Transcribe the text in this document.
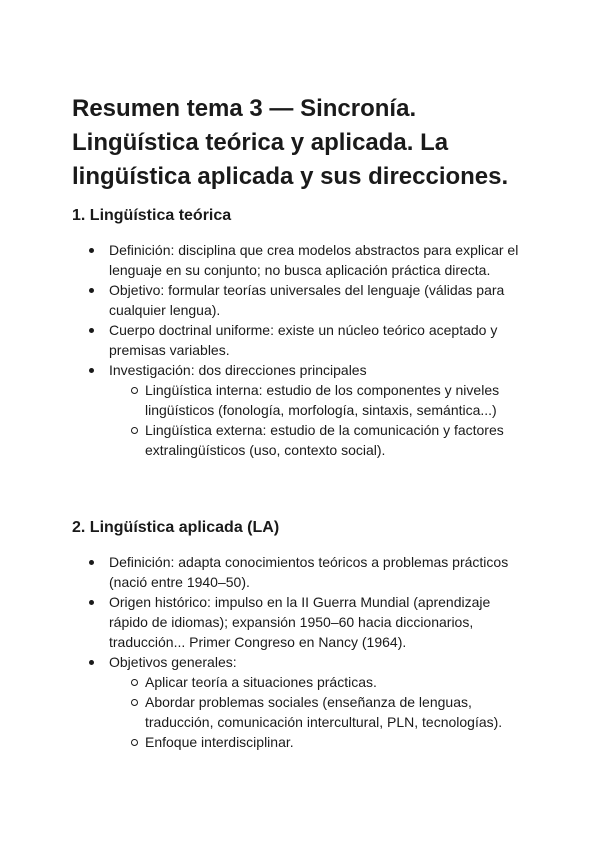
Resumen tema 3 — Sincronía. Lingüística teórica y aplicada. La lingüística aplicada y sus direcciones.
1. Lingüística teórica
Definición: disciplina que crea modelos abstractos para explicar el lenguaje en su conjunto; no busca aplicación práctica directa.
Objetivo: formular teorías universales del lenguaje (válidas para cualquier lengua).
Cuerpo doctrinal uniforme: existe un núcleo teórico aceptado y premisas variables.
Investigación: dos direcciones principales
Lingüística interna: estudio de los componentes y niveles lingüísticos (fonología, morfología, sintaxis, semántica...)
Lingüística externa: estudio de la comunicación y factores extralingüísticos (uso, contexto social).
2. Lingüística aplicada (LA)
Definición: adapta conocimientos teóricos a problemas prácticos (nació entre 1940–50).
Origen histórico: impulso en la II Guerra Mundial (aprendizaje rápido de idiomas); expansión 1950–60 hacia diccionarios, traducción... Primer Congreso en Nancy (1964).
Objetivos generales:
Aplicar teoría a situaciones prácticas.
Abordar problemas sociales (enseñanza de lenguas, traducción, comunicación intercultural, PLN, tecnologías).
Enfoque interdisciplinar.
